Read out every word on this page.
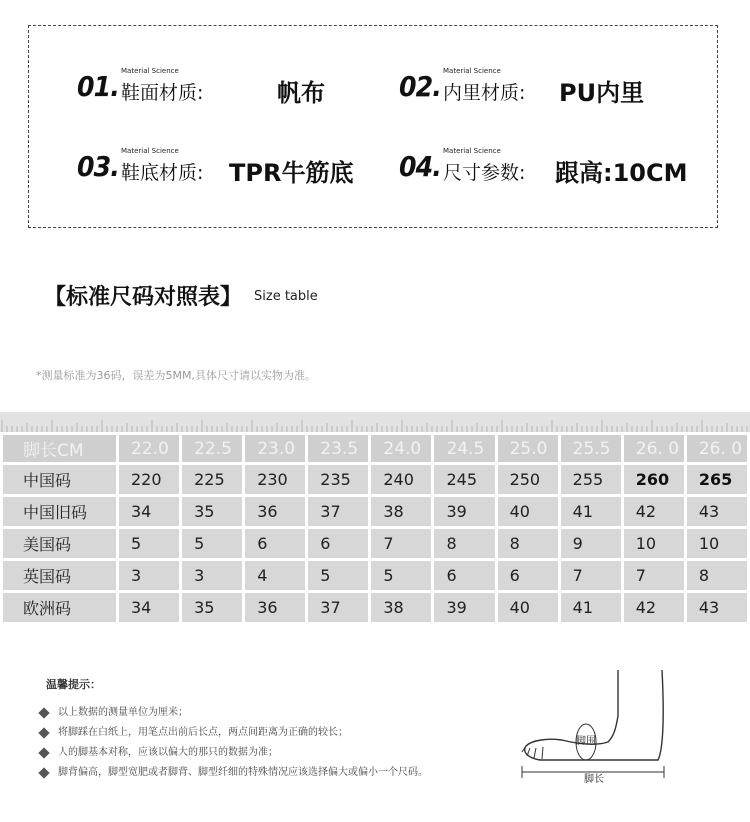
01. Material Science
鞋面材质:	帆布	02. Material Science
内里材质: PU内里
03. Material Science
鞋底材质: TPR牛筋底 04. Material Science
尺寸参数: 跟高:10CM
【标准尺码对照表】 Size table
*测量标准为36码，误差为5MM,具体尺寸请以实物为准。
脚长CM	22.0	22.5	23.0	23.5	24.0	24.5	25.0	25.5	26. 0	26. 0
中国码	220	225	230	235	240	245	250	255	260	265
中国旧码	34	35	36	37	38	39	40	41	42	43
美国码	5	5	6	6	7	8	8	9	10	10
英国码	3	3	4	5	5	6	6	7	7	8
欧洲码	34	35	36	37	38	39	40	41	42	43
温馨提示：
以上数据的测量单位为厘米；
将脚踩在白纸上，用笔点出前后长点，两点间距离为正确的较长；
人的脚基本对称，应该以偏大的那只的数据为准；
脚背偏高，脚型宽肥或者脚背、脚型纤细的特殊情况应该选择偏大或偏小一个尺码。
脚围
脚长
